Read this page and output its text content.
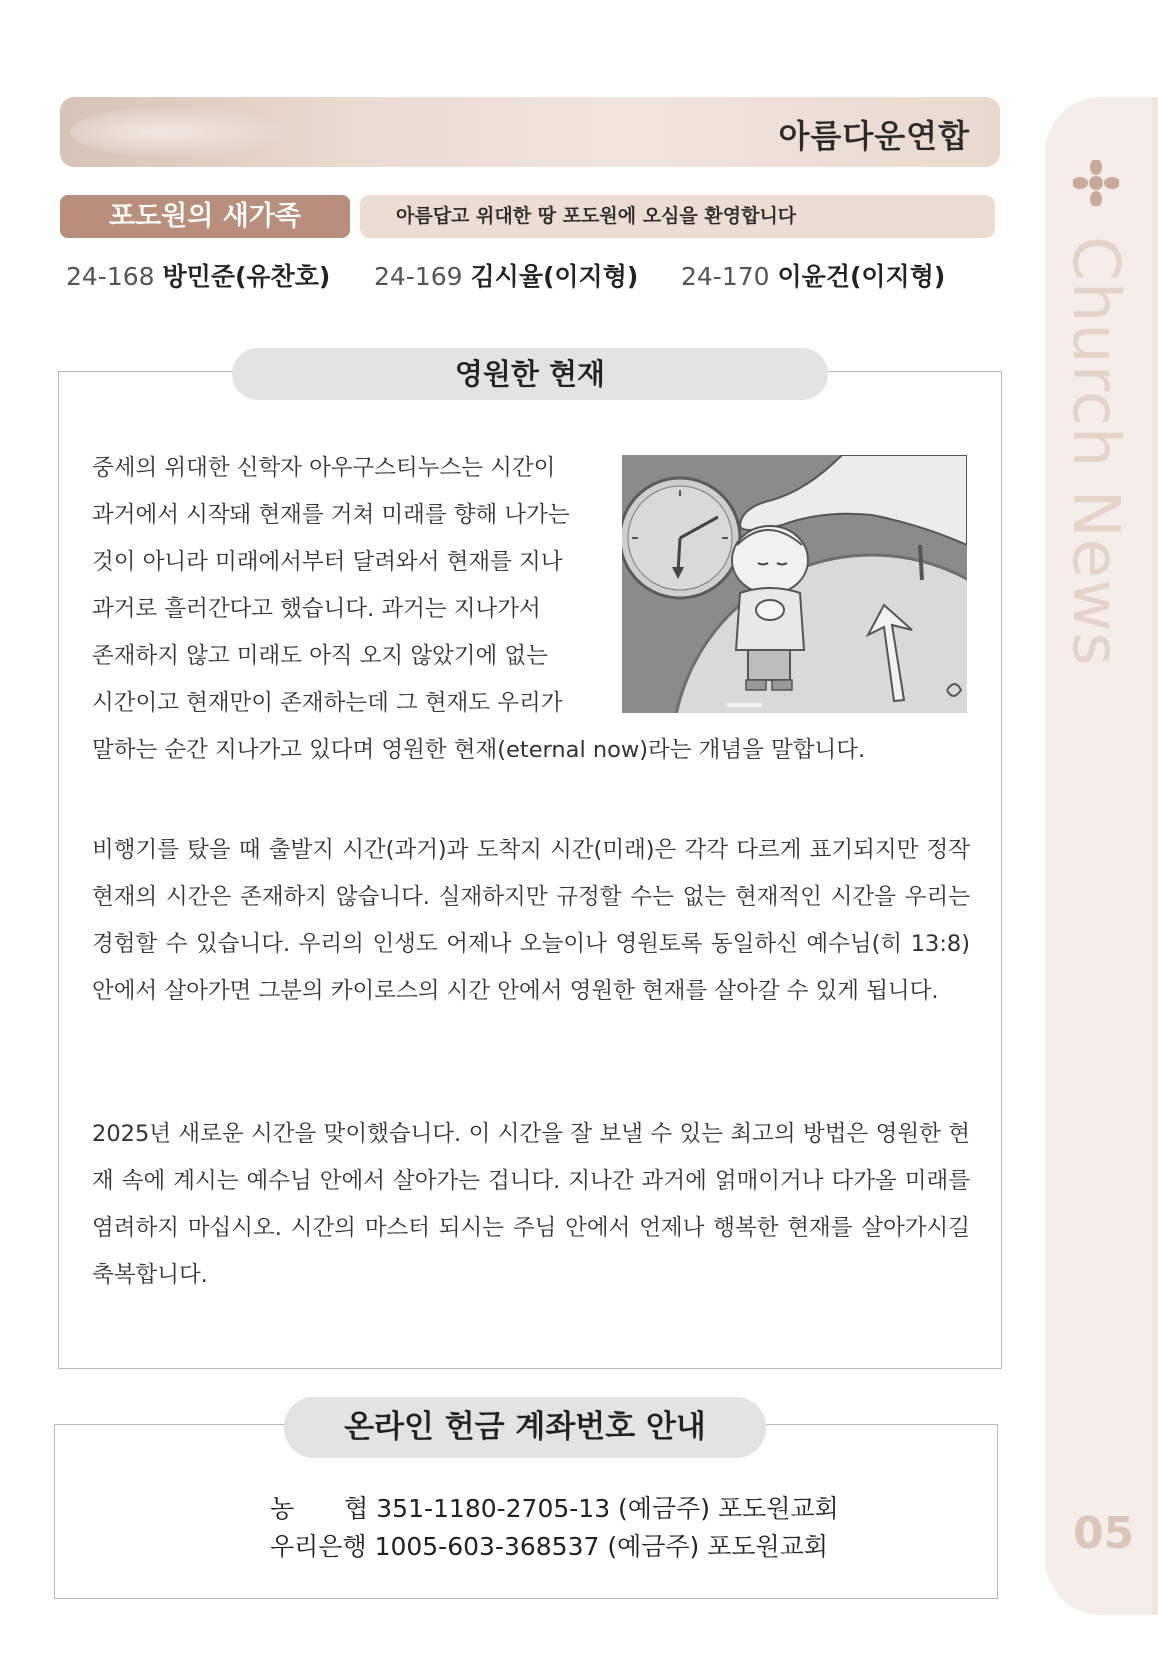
아름다운연합
포도원의 새가족	아름답고 위대한 땅 포도원에 오심을 환영합니다
24-168 방민준(유찬호) 24-169 김시율(이지형) 24-170 이윤건(이지형)
영원한 현재
중세의 위대한 신학자 아우구스티누스는 시간이
과거에서 시작돼 현재를 거쳐 미래를 향해 나가는
것이 아니라 미래에서부터 달려와서 현재를 지나
과거로 흘러간다고 했습니다. 과거는 지나가서
존재하지 않고 미래도 아직 오지 않았기에 없는
시간이고 현재만이 존재하는데 그 현재도 우리가
말하는 순간 지나가고 있다며 영원한 현재(eternal now)라는 개념을 말합니다.
비행기를 탔을 때 출발지 시간(과거)과 도착지 시간(미래)은 각각 다르게 표기되지만 정작 현재의 시간은 존재하지 않습니다. 실재하지만 규정할 수는 없는 현재적인 시간을 우리는 경험할 수 있습니다. 우리의 인생도 어제나 오늘이나 영원토록 동일하신 예수님(히 13:8) 안에서 살아가면 그분의 카이로스의 시간 안에서 영원한 현재를 살아갈 수 있게 됩니다.
2025년 새로운 시간을 맞이했습니다. 이 시간을 잘 보낼 수 있는 최고의 방법은 영원한 현재 속에 계시는 예수님 안에서 살아가는 겁니다. 지나간 과거에 얽매이거나 다가올 미래를 염려하지 마십시오. 시간의 마스터 되시는 주님 안에서 언제나 행복한 현재를 살아가시길 축복합니다.
온라인 헌금 계좌번호 안내
농　　협 351-1180-2705-13 (예금주) 포도원교회
우리은행 1005-603-368537 (예금주) 포도원교회
Church News
05
